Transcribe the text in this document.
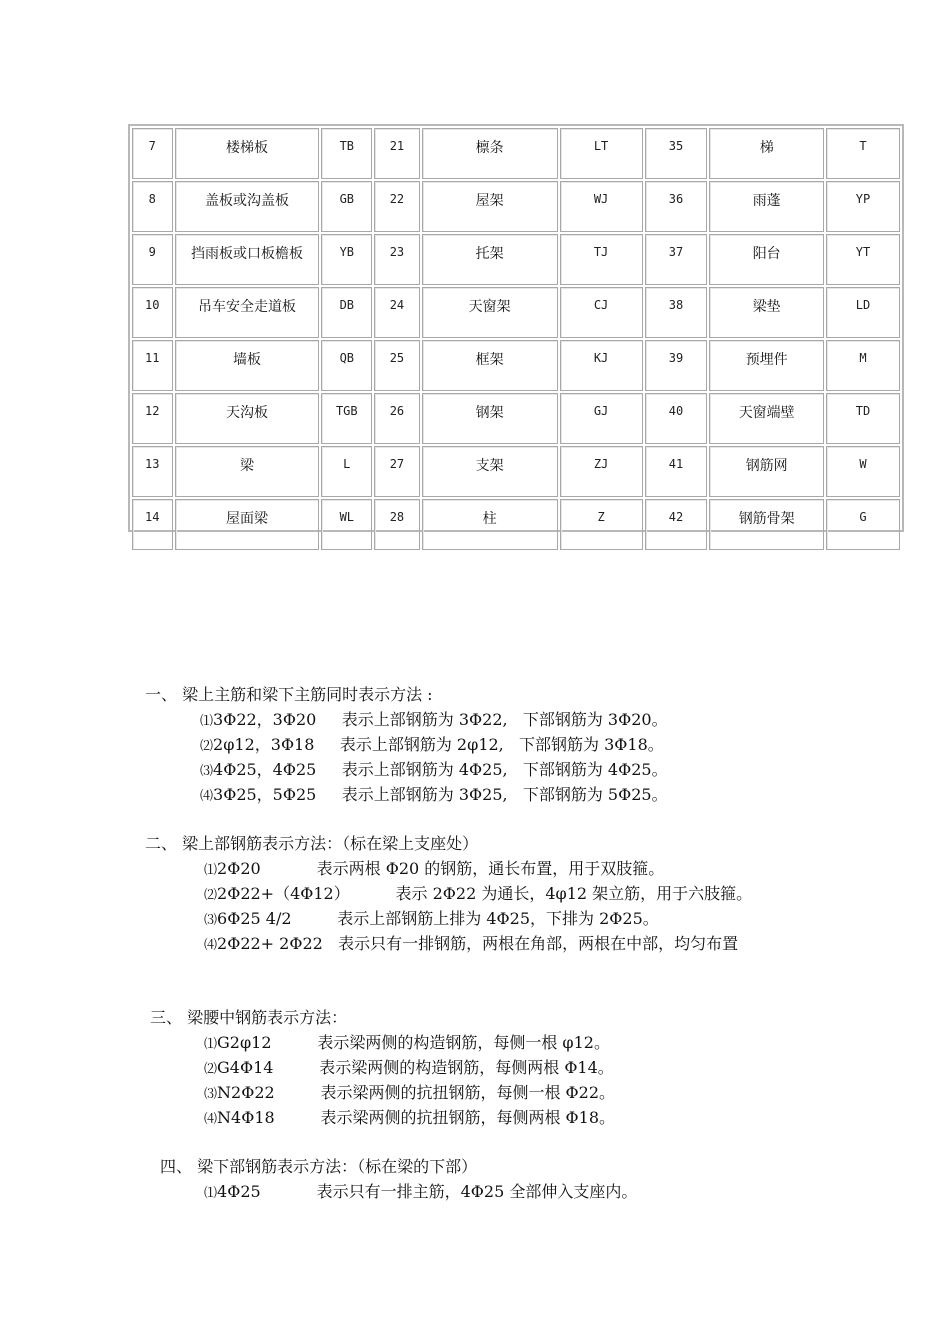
7	楼梯板	TB	21	檩条	LT	35	梯	T
8	盖板或沟盖板	GB	22	屋架	WJ	36	雨蓬	YP
9	挡雨板或口板檐板	YB	23	托架	TJ	37	阳台	YT
10	吊车安全走道板	DB	24	天窗架	CJ	38	梁垫	LD
11	墙板	QB	25	框架	KJ	39	预埋件	M
12	天沟板	TGB	26	钢架	GJ	40	天窗端壁	TD
13	梁	L	27	支架	ZJ	41	钢筋网	W
14	屋面梁	WL	28	柱	Z	42	钢筋骨架	G
一、 梁上主筋和梁下主筋同时表示方法 :
⑴3Φ22，3Φ20     表示上部钢筋为 3Φ22,   下部钢筋为 3Φ20。
⑵2φ12，3Φ18     表示上部钢筋为 2φ12,   下部钢筋为 3Φ18。
⑶4Φ25，4Φ25     表示上部钢筋为 4Φ25,   下部钢筋为 4Φ25。
⑷3Φ25，5Φ25     表示上部钢筋为 3Φ25,   下部钢筋为 5Φ25。
二、 梁上部钢筋表示方法：（标在梁上支座处）
⑴2Φ20           表示两根 Φ20 的钢筋，通长布置，用于双肢箍。
⑵2Φ22+（4Φ12）         表示 2Φ22 为通长，4φ12 架立筋，用于六肢箍。
⑶6Φ25 4/2         表示上部钢筋上排为 4Φ25，下排为 2Φ25。
⑷2Φ22+ 2Φ22   表示只有一排钢筋，两根在角部，两根在中部，均匀布置
三、 梁腰中钢筋表示方法：
⑴G2φ12         表示梁两侧的构造钢筋，每侧一根 φ12。
⑵G4Φ14         表示梁两侧的构造钢筋，每侧两根 Φ14。
⑶N2Φ22         表示梁两侧的抗扭钢筋，每侧一根 Φ22。
⑷N4Φ18         表示梁两侧的抗扭钢筋，每侧两根 Φ18。
四、 梁下部钢筋表示方法：（标在梁的下部）
⑴4Φ25           表示只有一排主筋，4Φ25 全部伸入支座内。
